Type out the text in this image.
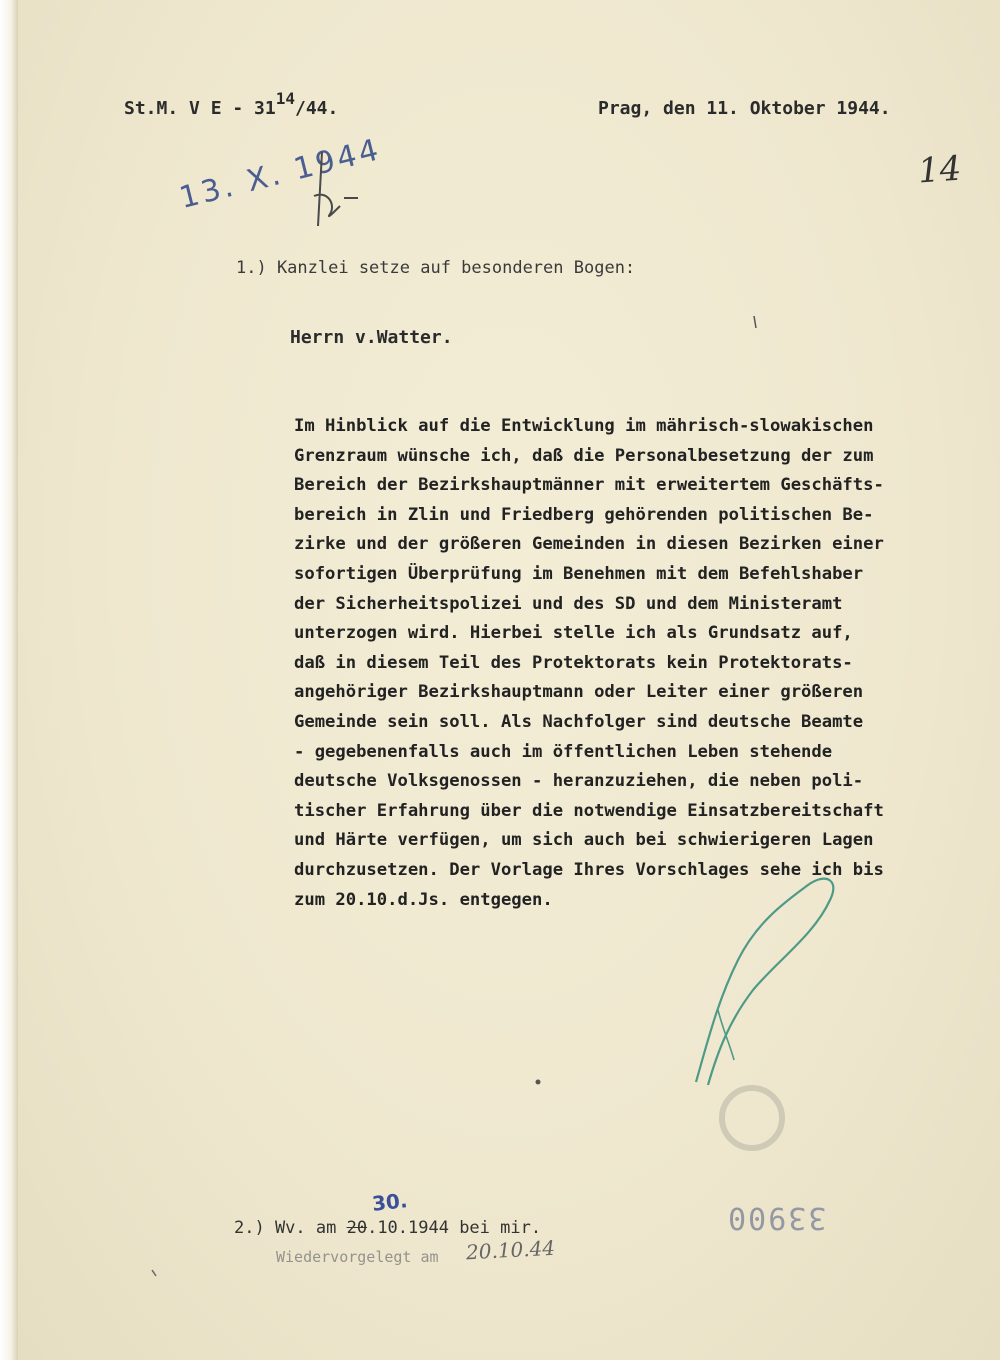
St.M. V E - 3114/44.	Prag, den 11. Oktober 1944.
14
13. X. 1944
1.) Kanzlei setze auf besonderen Bogen:
Herrn v.Watter.
Im Hinblick auf die Entwicklung im mährisch-slowakischen
Grenzraum wünsche ich, daß die Personalbesetzung der zum
Bereich der Bezirkshauptmänner mit erweitertem Geschäfts-
bereich in Zlin und Friedberg gehörenden politischen Be-
zirke und der größeren Gemeinden in diesen Bezirken einer
sofortigen Überprüfung im Benehmen mit dem Befehlshaber
der Sicherheitspolizei und des SD und dem Ministeramt
unterzogen wird. Hierbei stelle ich als Grundsatz auf,
daß in diesem Teil des Protektorats kein Protektorats-
angehöriger Bezirkshauptmann oder Leiter einer größeren
Gemeinde sein soll. Als Nachfolger sind deutsche Beamte
- gegebenenfalls auch im öffentlichen Leben stehende
deutsche Volksgenossen - heranzuziehen, die neben poli-
tischer Erfahrung über die notwendige Einsatzbereitschaft
und Härte verfügen, um sich auch bei schwierigeren Lagen
durchzusetzen. Der Vorlage Ihres Vorschlages sehe ich bis
zum 20.10.d.Js. entgegen.
30.
2.) Wv. am 20.10.1944 bei mir.
Wiedervorgelegt am 20.10.44
33900
